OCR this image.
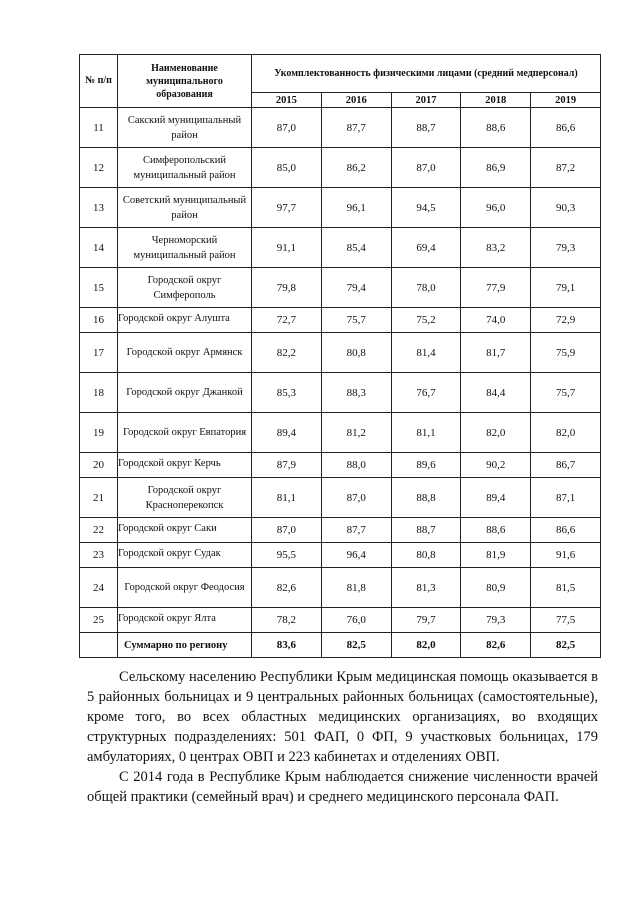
№ п/п	Наименование муниципального образования	Укомплектованность физическими лицами (средний медперсонал)				
		2015	2016	2017	2018	2019
11	Сакский муниципальный район	87,0	87,7	88,7	88,6	86,6
12	Симферопольский муниципальный район	85,0	86,2	87,0	86,9	87,2
13	Советский муниципальный район	97,7	96,1	94,5	96,0	90,3
14	Черноморский муниципальный район	91,1	85,4	69,4	83,2	79,3
15	Городской округ Симферополь	79,8	79,4	78,0	77,9	79,1
16	Городской округ Алушта	72,7	75,7	75,2	74,0	72,9
17	Городской округ Армянск	82,2	80,8	81,4	81,7	75,9
18	Городской округ Джанкой	85,3	88,3	76,7	84,4	75,7
19	Городской округ Евпатория	89,4	81,2	81,1	82,0	82,0
20	Городской округ Керчь	87,9	88,0	89,6	90,2	86,7
21	Городской округ Красноперекопск	81,1	87,0	88,8	89,4	87,1
22	Городской округ Саки	87,0	87,7	88,7	88,6	86,6
23	Городской округ Судак	95,5	96,4	80,8	81,9	91,6
24	Городской округ Феодосия	82,6	81,8	81,3	80,9	81,5
25	Городской округ Ялта	78,2	76,0	79,7	79,3	77,5
	Суммарно по региону	83,6	82,5	82,0	82,6	82,5

Сельскому населению Республики Крым медицинская помощь оказывается в 5 районных больницах и 9 центральных районных больницах (самостоятельные), кроме того, во всех областных медицинских организациях, во входящих структурных подразделениях: 501 ФАП, 0 ФП, 9 участковых больницах, 179 амбулаториях, 0 центрах ОВП и 223 кабинетах и отделениях ОВП.

С 2014 года в Республике Крым наблюдается снижение численности врачей общей практики (семейный врач) и среднего медицинского персонала ФАП.
